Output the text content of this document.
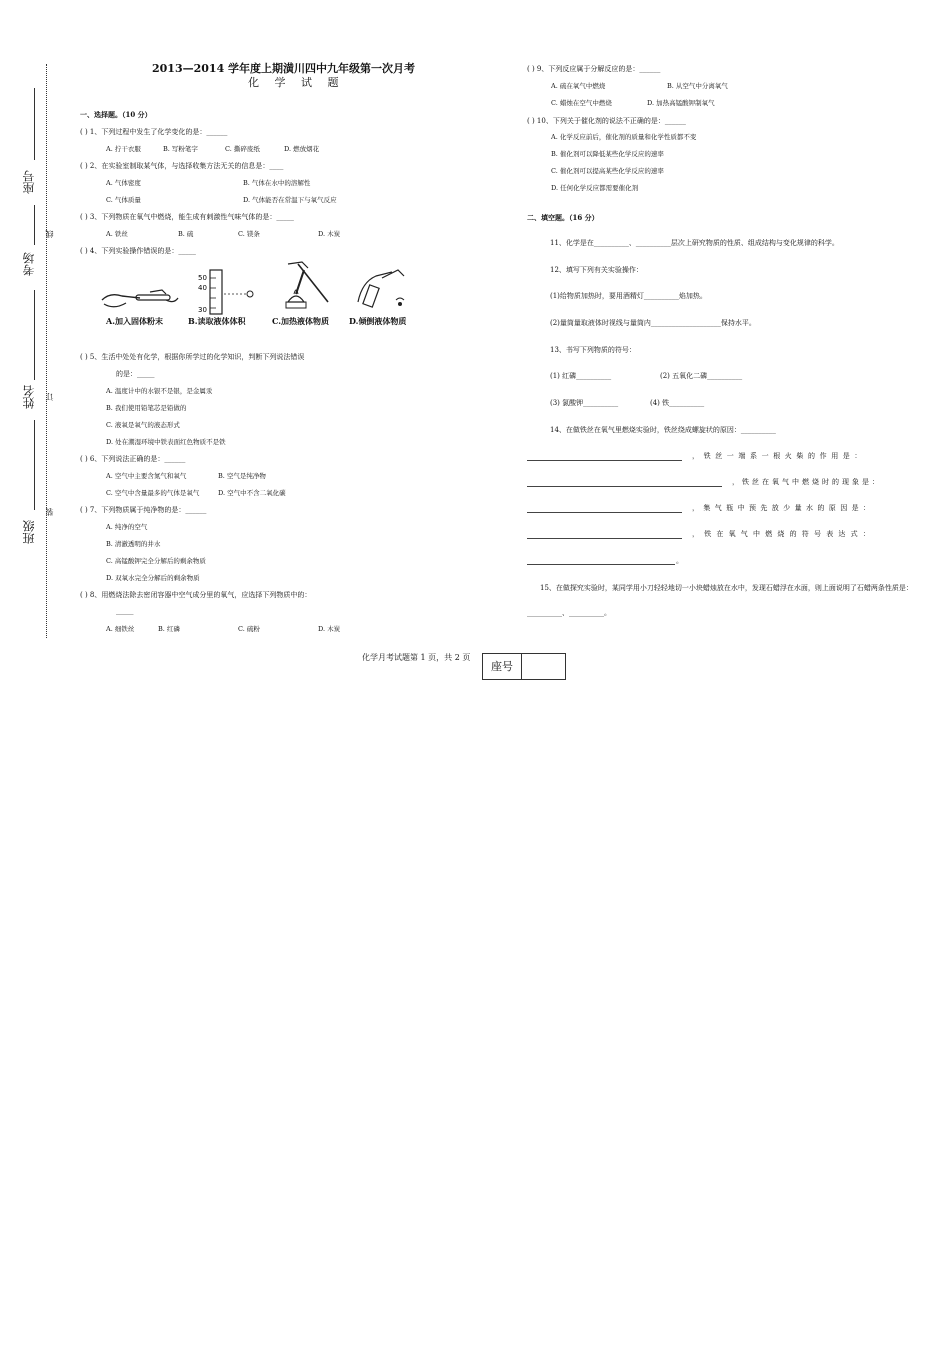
座号
考场
线
姓名 订
班级
装
2013—2014 学年度上期潢川四中九年级第一次月考
化 学 试 题
一、选择题。（10 分）
( ) 1、下列过程中发生了化学变化的是：______
A. 拧干衣服	B. 写粉笔字	C. 撕碎废纸	D. 燃放烟花
( ) 2、在实验室制取某气体，与选择收集方法无关的信息是：____
A. 气体密度	B. 气体在水中的溶解性
C. 气体质量	D. 气体能否在常温下与氧气反应
( ) 3、下列物质在氧气中燃烧，能生成有刺激性气味气体的是：_____
A. 铁丝	B. 硫	C. 镁条	D. 木炭
( ) 4、下列实验操作错误的是：_____
50
40
30
A.加入固体粉末	B.读取液体体积	C.加热液体物质 D.倾倒液体物质
( ) 5、生活中处处有化学，根据你所学过的化学知识，判断下列说法错误
的是：_____
A. 温度计中的水银不是银，是金属汞
B. 我们使用铅笔芯是铅做的
C. 液氧是氧气的液态形式
D. 处在潮湿环境中铁表面红色物质不是铁
( ) 6、下列说法正确的是：______
A. 空气中主要含氮气和氧气	B. 空气是纯净物
C. 空气中含量最多的气体是氧气	D. 空气中不含二氧化碳
( ) 7、下列物质属于纯净物的是：______
A. 纯净的空气
B. 清澈透明的井水
C. 高锰酸钾完全分解后的剩余物质
D. 双氧水完全分解后的剩余物质
( ) 8、用燃烧法除去密闭容器中空气成分里的氧气，应选择下列物质中的：
_____
A. 细铁丝	B. 红磷	C. 硫粉	D. 木炭
( ) 9、下列反应属于分解反应的是：______
A. 硫在氧气中燃烧	B. 从空气中分离氧气
C. 蜡烛在空气中燃烧	D. 加热高锰酸钾制氧气
( ) 10、下列关于催化剂的说法不正确的是：______
A. 化学反应前后，催化剂的质量和化学性质都不变
B. 催化剂可以降低某些化学反应的速率
C. 催化剂可以提高某些化学反应的速率
D. 任何化学反应都需要催化剂
二、填空题。（16 分）
11、化学是在__________、__________层次上研究物质的性质、组成结构与变化规律的科学。
12、填写下列有关实验操作：
(1)给物质加热时，要用酒精灯__________焰加热。
(2)量筒量取液体时视线与量筒内____________________保持水平。
13、书写下列物质的符号：
(1) 红磷__________	(2) 五氧化二磷__________
(3) 氯酸钾__________	(4) 铁__________
14、在做铁丝在氧气里燃烧实验时，铁丝绕成螺旋状的原因：__________
，铁丝一端系一根火柴的作用是：
，铁丝在氧气中燃烧时的现象是：
，集气瓶中预先放少量水的原因是：
，铁在氧气中燃烧的符号表达式：
。
15、在做探究实验时，某同学用小刀轻轻地切一小块蜡烛放在水中，发现石蜡浮在水面，则上面说明了石蜡两条性质是：
__________、__________。
化学月考试题第 1 页，共 2 页
座号
